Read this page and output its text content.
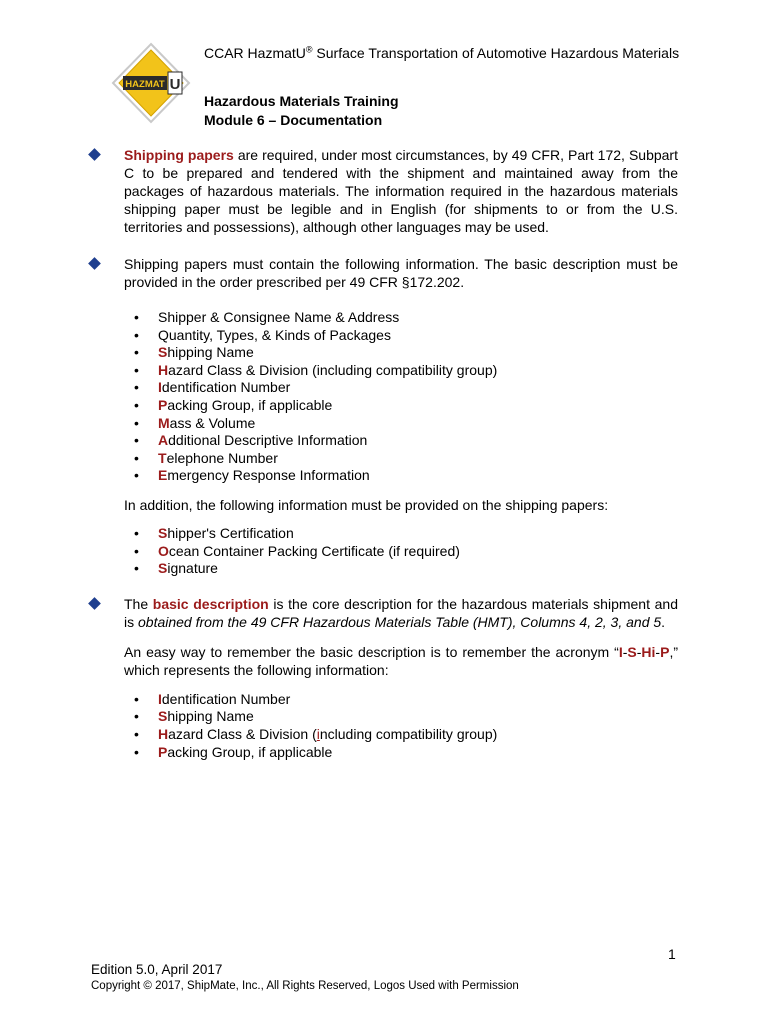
CCAR HazmatU® Surface Transportation of Automotive Hazardous Materials
HAZMAT U
Hazardous Materials Training
Module 6 – Documentation
Shipping papers are required, under most circumstances, by 49 CFR, Part 172, Subpart C to be prepared and tendered with the shipment and maintained away from the packages of hazardous materials. The information required in the hazardous materials shipping paper must be legible and in English (for shipments to or from the U.S. territories and possessions), although other languages may be used.
Shipping papers must contain the following information. The basic description must be provided in the order prescribed per 49 CFR §172.202.
• Shipper & Consignee Name & Address
• Quantity, Types, & Kinds of Packages
• Shipping Name
• Hazard Class & Division (including compatibility group)
• Identification Number
• Packing Group, if applicable
• Mass & Volume
• Additional Descriptive Information
• Telephone Number
• Emergency Response Information

In addition, the following information must be provided on the shipping papers:

• Shipper's Certification
• Ocean Container Packing Certificate (if required)
• Signature
The basic description is the core description for the hazardous materials shipment and is obtained from the 49 CFR Hazardous Materials Table (HMT), Columns 4, 2, 3, and 5.

An easy way to remember the basic description is to remember the acronym “I-S-Hi-P,” which represents the following information:

• Identification Number
• Shipping Name
• Hazard Class & Division (including compatibility group)
• Packing Group, if applicable
1
Edition 5.0, April 2017
Copyright © 2017, ShipMate, Inc., All Rights Reserved, Logos Used with Permission
